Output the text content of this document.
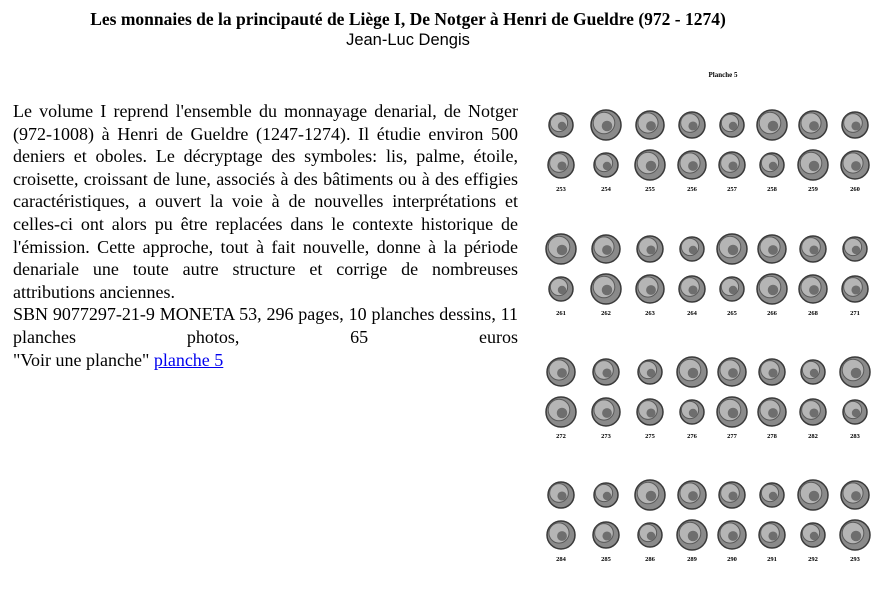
Les monnaies de la principauté de Liège I, De Notger à Henri de Gueldre (972 - 1274)
Jean-Luc Dengis

Le volume I reprend l'ensemble du monnayage denarial, de Notger (972-1008) à Henri de Gueldre (1247-1274). Il étudie environ 500 deniers et oboles. Le décryptage des symboles: lis, palme, étoile, croisette, croissant de lune, associés à des bâtiments ou à des effigies caractéristiques, a ouvert la voie à de nouvelles interprétations et celles-ci ont alors pu être replacées dans le contexte historique de l'émission. Cette approche, tout à fait nouvelle, donne à la période denariale une toute autre structure et corrige de nombreuses attributions anciennes.

SBN 9077297-21-9 MONETA 53, 296 pages, 10 planches dessins, 11 planches photos, 65 euros

"Voir une planche" planche 5

Planche 5
253	254	255	256	257	258	259	260
261	262	263	264	265	266	268	271
272	273	275	276	277	278	282	283
284	285	286	289	290	291	292	293
